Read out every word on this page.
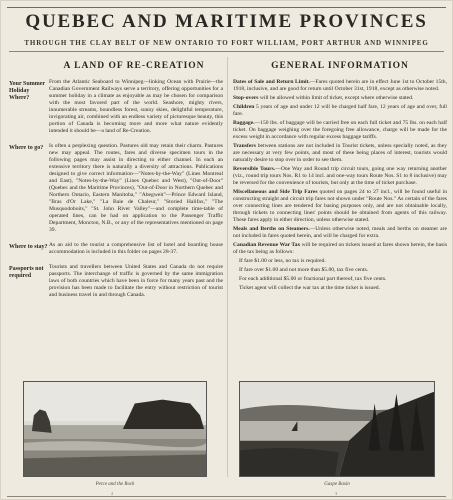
QUEBEC AND MARITIME PROVINCES
THROUGH THE CLAY BELT OF NEW ONTARIO TO FORT WILLIAM, PORT ARTHUR AND WINNIPEG
A LAND OF RE-CREATION
Your Summer Holiday Where?
From the Atlantic Seaboard to Winnipeg—linking Ocean with Prairie—the Canadian Government Railways serve a territory, offering opportunities for a summer holiday in a climate as enjoyable as may be chosen for comparison with the most favored part of the world. Seashore, mighty rivers, innumerable streams, boundless forest, sunny skies, delightful temperature, invigorating air, combined with an endless variety of picturesque beauty, this portion of Canada is becoming more and more what nature evidently intended it should be—a land of Re-Creation.
Where to go?	Is often a perplexing question. Pastures old may retain their charm. Pastures new may appeal. The routes, fares and diverse specimen tours in the following pages may assist in directing to either channel. In each an extensive territory there is naturally a diversity of attractions. Publications designed to give correct information—"Notes-by-the-Way" (Lines Montreal and East), "Notes-by-the-Way" (Lines Quebec and West), "Out-of-Door" (Quebec and the Maritime Provinces), "Out-of-Door in Northern Quebec and Northern Ontario, Eastern Manitoba," "Abegweit"—Prince Edward Island, "Bras d'Or Lake," "La Baie de Chaleur," "Storied Halifax," "The Musquodoboits," "St. John River Valley"—and complete time-table of operated lines, can be had on application to the Passenger Traffic Department, Moncton, N.B., or any of the representatives mentioned on page 39.
Where to stay? As an aid to the tourist a comprehensive list of hotel and boarding house accommodation is included in this folder on pages 28-37.
Passports not required
Tourists and travellers between United States and Canada do not require passports. The interchange of traffic is governed by the same immigration laws of both countries which have been in force for many years past and the provision has been made to facilitate the entry without restriction of tourist and business travel in and through Canada.
GENERAL INFORMATION

Dates of Sale and Return Limit.—Fares quoted herein are in effect June 1st to October 15th, 1918, inclusive, and are good for return until October 31st, 1918, except as otherwise noted.

Stop-overs will be allowed within limit of ticket, except where otherwise stated.

Children 5 years of age and under 12 will be charged half fare, 12 years of age and over, full fare.

Baggage.—150 lbs. of baggage will be carried free on each full ticket and 75 lbs. on each half ticket. On baggage weighing over the foregoing free allowance, charge will be made for the excess weight in accordance with regular excess baggage tariffs.

Transfers between stations are not included in Tourist tickets, unless specially noted, as they are necessary at very few points, and most of these being places of interest, tourists would naturally desire to stop over in order to see them.

Reversible Tours.—One Way and Round trip circuit tours, going one way returning another (viz., round trip tours Nos. R1 to 14 incl. and one-way tours Route Nos. S1 to 8 inclusive) may be reversed for the convenience of tourists, but only at the time of ticket purchase.

Miscellaneous and Side Trip Fares quoted on pages 24 to 27 incl., will be found useful in constructing straight and circuit trip fares not shown under "Route Nos." As certain of the fares over connecting lines are tendered for basing purposes only, and are not obtainable locally, through tickets to connecting lines' points should be obtained from agents of this railway. These fares apply in either direction, unless otherwise stated.

Meals and Berths on Steamers.—Unless otherwise noted, meals and berths on steamer are not included in fares quoted herein, and will be charged for extra.

Canadian Revenue War Tax will be required on tickets issued at fares shown herein, the basis of the tax being as follows:

If fare $1.00 or less, no tax is required.

If fare over $1.00 and not more than $5.00, tax five cents.

For each additional $5.00 or fractional part thereof, tax five cents.

Ticket agent will collect the war tax at the time ticket is issued.

Perce and the Rock	Gaspe Basin
2	3
